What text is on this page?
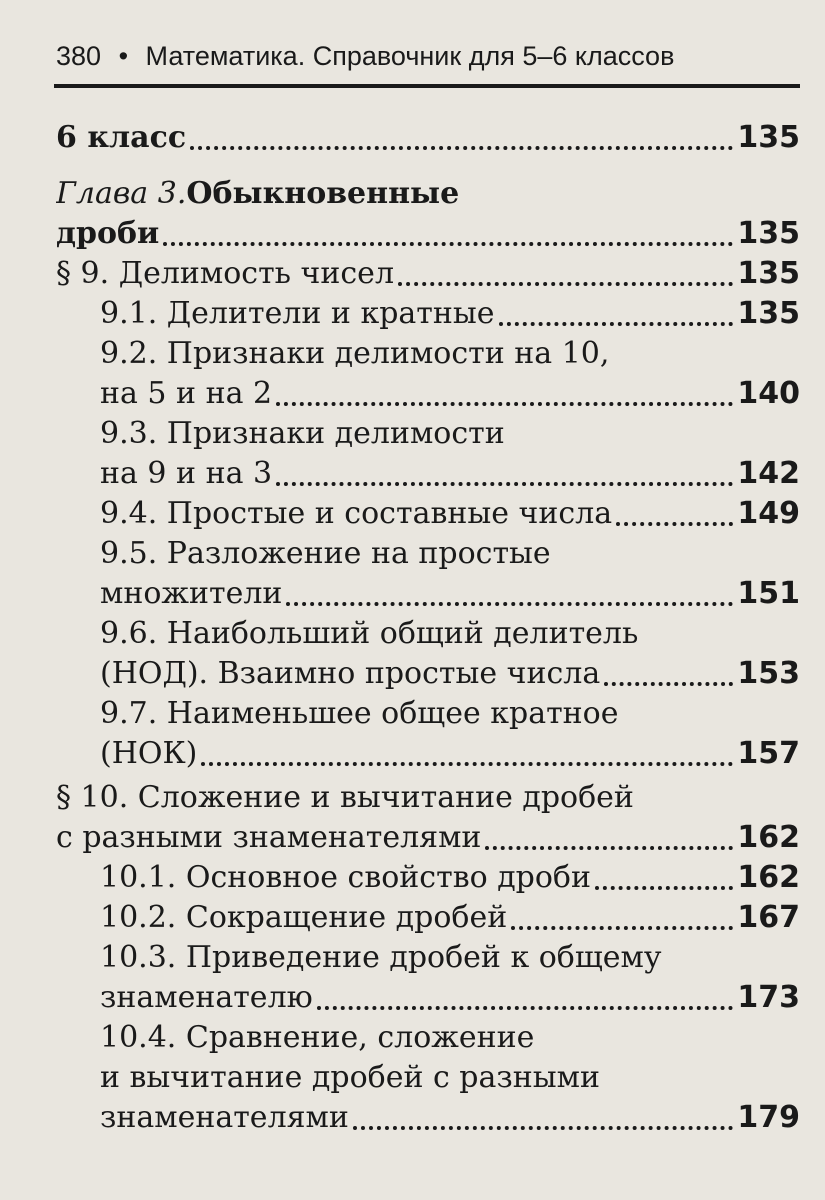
380 • Математика. Справочник для 5–6 классов
6 класс	135
Глава 3. Обыкновенные
дроби	135
§ 9. Делимость чисел	135
9.1. Делители и кратные	135
9.2. Признаки делимости на 10,
на 5 и на 2	140
9.3. Признаки делимости
на 9 и на 3	142
9.4. Простые и составные числа	149
9.5. Разложение на простые
множители	151
9.6. Наибольший общий делитель
(НОД). Взаимно простые числа	153
9.7. Наименьшее общее кратное
(НОК)	157
§ 10. Сложение и вычитание дробей
с разными знаменателями	162
10.1. Основное свойство дроби	162
10.2. Сокращение дробей	167
10.3. Приведение дробей к общему
знаменателю	173
10.4. Сравнение, сложение
и вычитание дробей с разными
знаменателями	179
